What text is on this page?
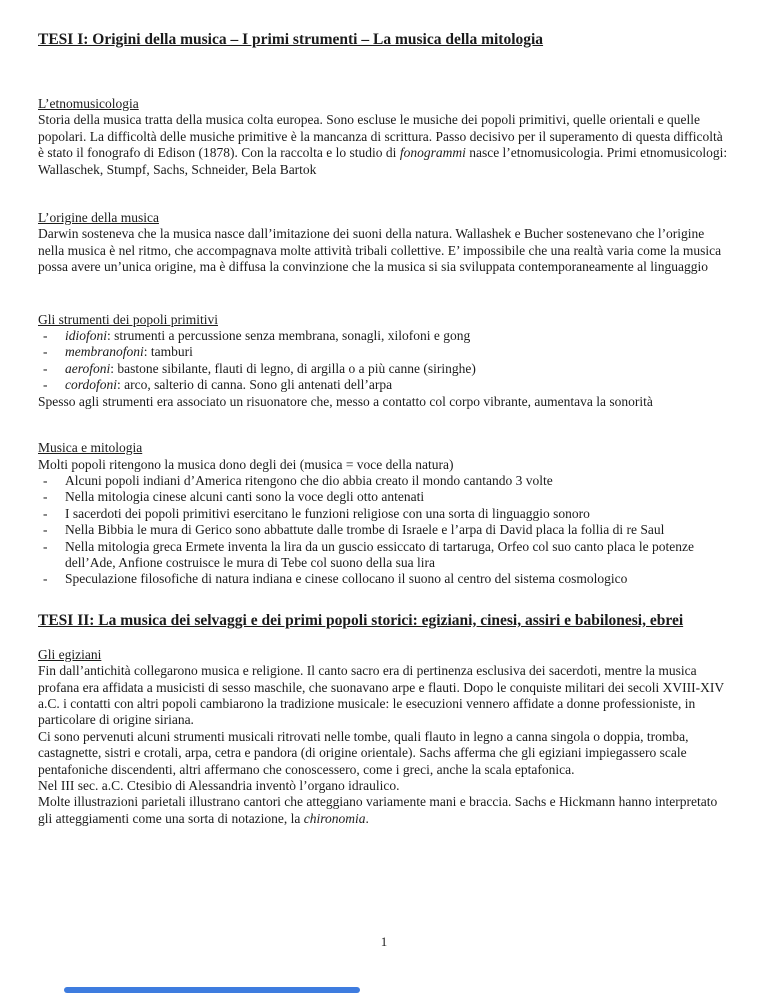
TESI I: Origini della musica – I primi strumenti – La musica della mitologia
L’etnomusicologia

Storia della musica tratta della musica colta europea. Sono escluse le musiche dei popoli primitivi, quelle orientali e quelle popolari. La difficoltà delle musiche primitive è la mancanza di scrittura. Passo decisivo per il superamento di questa difficoltà è stato il fonografo di Edison (1878). Con la raccolta e lo studio di fonogrammi nasce l’etnomusicologia. Primi etnomusicologi: Wallaschek, Stumpf, Sachs, Schneider, Bela Bartok

L’origine della musica

Darwin sosteneva che la musica nasce dall’imitazione dei suoni della natura. Wallashek e Bucher sostenevano che l’origine nella musica è nel ritmo, che accompagnava molte attività tribali collettive. E’ impossibile che una realtà varia come la musica possa avere un’unica origine, ma è diffusa la convinzione che la musica si sia sviluppata contemporaneamente al linguaggio

Gli strumenti dei popoli primitivi
-	idiofoni: strumenti a percussione senza membrana, sonagli, xilofoni e gong
-	membranofoni: tamburi
-	aerofoni: bastone sibilante, flauti di legno, di argilla o a più canne (siringhe)
-	cordofoni: arco, salterio di canna. Sono gli antenati dell’arpa

Spesso agli strumenti era associato un risuonatore che, messo a contatto col corpo vibrante, aumentava la sonorità

Musica e mitologia

Molti popoli ritengono la musica dono degli dei (musica = voce della natura)

-	Alcuni popoli indiani d’America ritengono che dio abbia creato il mondo cantando 3 volte
-	Nella mitologia cinese alcuni canti sono la voce degli otto antenati
-	I sacerdoti dei popoli primitivi esercitano le funzioni religiose con una sorta di linguaggio sonoro
-	Nella Bibbia le mura di Gerico sono abbattute dalle trombe di Israele e l’arpa di David placa la follia di re Saul
-	Nella mitologia greca Ermete inventa la lira da un guscio essiccato di tartaruga, Orfeo col suo canto placa le potenze dell’Ade, Anfione costruisce le mura di Tebe col suono della sua lira
-	Speculazione filosofiche di natura indiana e cinese collocano il suono al centro del sistema cosmologico
TESI II: La musica dei selvaggi e dei primi popoli storici: egiziani, cinesi, assiri e babilonesi, ebrei
Gli egiziani

Fin dall’antichità collegarono musica e religione. Il canto sacro era di pertinenza esclusiva dei sacerdoti, mentre la musica profana era affidata a musicisti di sesso maschile, che suonavano arpe e flauti. Dopo le conquiste militari dei secoli XVIII-XIV a.C. i contatti con altri popoli cambiarono la tradizione musicale: le esecuzioni vennero affidate a donne professioniste, in particolare di origine siriana.

Ci sono pervenuti alcuni strumenti musicali ritrovati nelle tombe, quali flauto in legno a canna singola o doppia, tromba, castagnette, sistri e crotali, arpa, cetra e pandora (di origine orientale). Sachs afferma che gli egiziani impiegassero scale pentafoniche discendenti, altri affermano che conoscessero, come i greci, anche la scala eptafonica.

Nel III sec. a.C. Ctesibio di Alessandria inventò l’organo idraulico.

Molte illustrazioni parietali illustrano cantori che atteggiano variamente mani e braccia. Sachs e Hickmann hanno interpretato gli atteggiamenti come una sorta di notazione, la chironomia.

1
